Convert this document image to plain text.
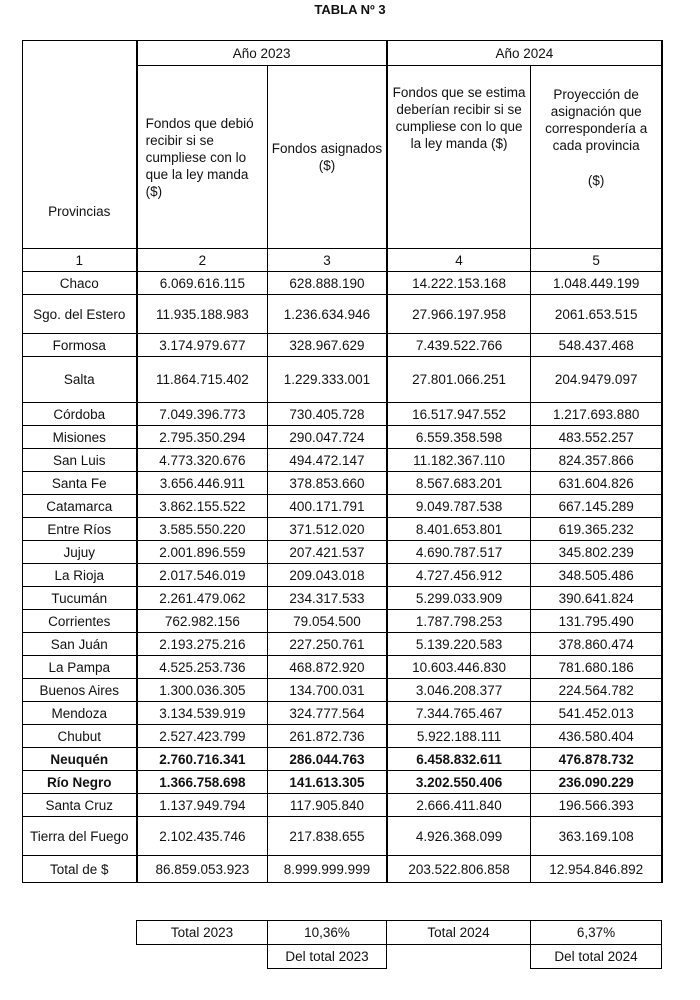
TABLA Nº 3
Provincias	Año 2023		Año 2024	
	Fondos que debió recibir si se cumpliese con lo que la ley manda ($)	Fondos asignados ($)	Fondos que se estima deberían recibir si se cumpliese con lo que la ley manda ($)	Proyección de asignación que correspondería a cada provincia
($)

1	2	3	4	5
Chaco	6.069.616.115	628.888.190	14.222.153.168	1.048.449.199
Sgo. del Estero	11.935.188.983	1.236.634.946	27.966.197.958	2061.653.515
Formosa	3.174.979.677	328.967.629	7.439.522.766	548.437.468
Salta	11.864.715.402	1.229.333.001	27.801.066.251	204.9479.097
Córdoba	7.049.396.773	730.405.728	16.517.947.552	1.217.693.880
Misiones	2.795.350.294	290.047.724	6.559.358.598	483.552.257
San Luis	4.773.320.676	494.472.147	11.182.367.110	824.357.866
Santa Fe	3.656.446.911	378.853.660	8.567.683.201	631.604.826
Catamarca	3.862.155.522	400.171.791	9.049.787.538	667.145.289
Entre Ríos	3.585.550.220	371.512.020	8.401.653.801	619.365.232
Jujuy	2.001.896.559	207.421.537	4.690.787.517	345.802.239
La Rioja	2.017.546.019	209.043.018	4.727.456.912	348.505.486
Tucumán	2.261.479.062	234.317.533	5.299.033.909	390.641.824
Corrientes	762.982.156	79.054.500	1.787.798.253	131.795.490
San Juán	2.193.275.216	227.250.761	5.139.220.583	378.860.474
La Pampa	4.525.253.736	468.872.920	10.603.446.830	781.680.186
Buenos Aires	1.300.036.305	134.700.031	3.046.208.377	224.564.782
Mendoza	3.134.539.919	324.777.564	7.344.765.467	541.452.013
Chubut	2.527.423.799	261.872.736	5.922.188.111	436.580.404
Neuquén	2.760.716.341	286.044.763	6.458.832.611	476.878.732
Río Negro	1.366.758.698	141.613.305	3.202.550.406	236.090.229
Santa Cruz	1.137.949.794	117.905.840	2.666.411.840	196.566.393
Tierra del Fuego	2.102.435.746	217.838.655	4.926.368.099	363.169.108
Total de $	86.859.053.923	8.999.999.999	203.522.806.858	12.954.846.892
Total 2023	10,36%	Total 2024	6,37%
	Del total 2023		Del total 2024
